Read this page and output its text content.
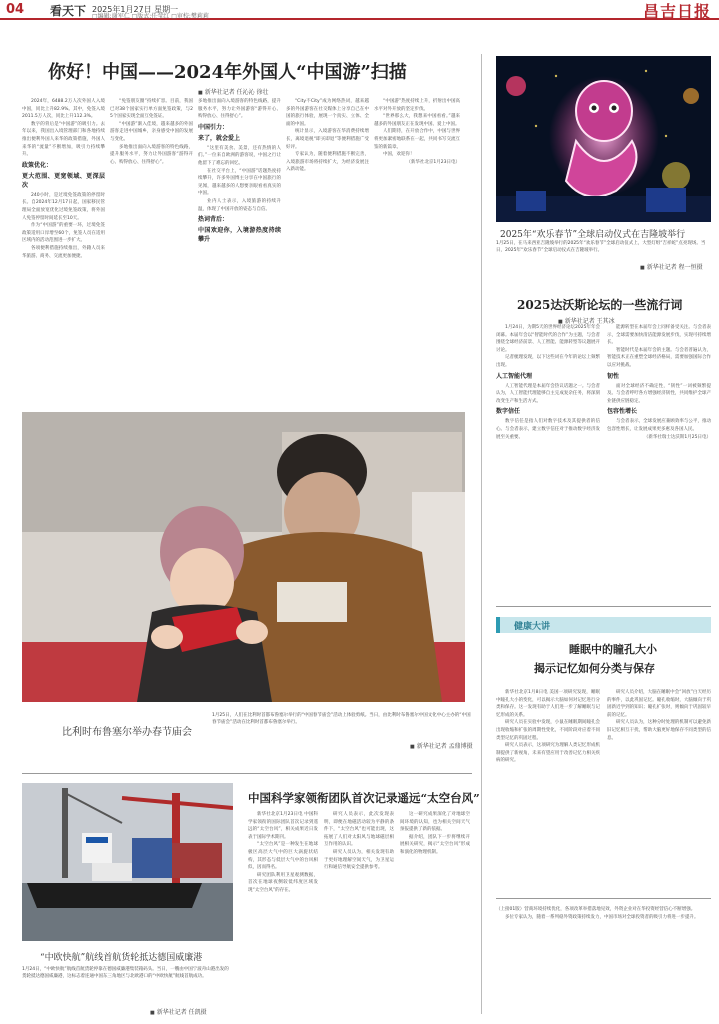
04 看天下 2025年1月27日 星期一
□编辑:谢军仁 □版式:任莹红 □审校:樊莉莉	昌吉日报
你好！中国——2024年外国人“中国游”扫描
■ 新华社记者 任沁沁 徐壮

2024年，6488.2万人次外国人入境中国，同比上升82.9%。其中，免签入境2011.5万人次，同比上升112.3%。

数字的背后是“中国游”的吸引力。去年以来，我国出入境管理部门和各地持续推出便利外国人来华的政策措施，外国人来华的“流量”不断增加，吸引力持续攀升。

政策优化：
更大范围、更宽领域、更深层次

240小时，是过境免签政策的停留时长。自2024年12月17日起，国家移民管理局全面放宽优化过境免签政策，将外国人免签停留时间延长至10天。

作为“中国游”的重要一环，过境免签政策适用口岸增至60个，免签人员在适用区域内的活动范围进一步扩大。

各项便利措施持续推出，外籍人员来华旅游、商务、交流更加便捷。

“免签朋友圈”持续扩容。目前，我国已对38个国家实行单方面免签政策，与25个国家实现全面互免签证。

“中国游”渐入佳境，越来越多的外国游客走进中国城乡，亲身感受中国的发展与变化。

多地推出面向入境游客的特色线路，提升服务水平，努力让外国游客“游得开心、购得放心、住得舒心”。

多地推出面向入境游客的特色线路，提升服务水平，努力让外国游客“游得开心、购得放心、住得舒心”。

中国引力：
来了，就会爱上

“这里有美食、美景，还有热情的人们。”一位来自欧洲的游客说，中国之行让他留下了难忘的回忆。

在社交平台上，“中国游”话题热度持续攀升，许多外国博主分享在中国旅行的见闻，越来越多的人想要亲眼看看真实的中国。

业内人士表示，入境旅游的持续升温，体现了中国开放的姿态与自信。

热词背后：
中国欢迎你，入境游热度持续攀升

“City不City”成为网络热词，越来越多的外国游客在社交媒体上分享自己在中国的旅行体验，展现一个真实、立体、全面的中国。

统计显示，入境游客在华消费持续增长，离境退税“即买即退”等便利措施广受好评。

专家认为，随着便利措施不断完善，入境旅游市场将持续扩大，为经济发展注入新动能。

“中国游”热度持续上升，折射出中国高水平对外开放的坚定步伐。

“世界那么大，我想来中国看看。”越来越多的外国朋友正在发现中国、爱上中国。

人们期待，在开放合作中，中国与世界将更加紧密地联系在一起，共同书写交流互鉴的新篇章。

中国，欢迎你！

（新华社北京1月23日电）

2025年“欢乐春节”全球启动仪式在吉隆坡举行
1月25日，在马来西亚吉隆坡举行的2025年“欢乐春节”全球启动仪式上，大型灯组“吉祥蛇”点亮现场。当日，2025年“欢乐春节”全球启动仪式在吉隆坡举行。
■ 新华社记者 程一恒摄
2025达沃斯论坛的一些流行词
■ 新华社记者 王其冰

1月24日，为期5天的世界经济论坛2025年年会闭幕。本届年会以“智能时代的合作”为主题，与会者围绕全球经济前景、人工智能、能源转型等议题展开讨论。

记者梳理发现，以下这些词在今年的论坛上频繁出现。

人工智能代理

人工智能代理是本届年会热议话题之一。与会者认为，人工智能代理能够自主完成复杂任务，将深刻改变生产和生活方式。

数字信任

数字信任是指人们对数字技术及其提供者的信心。与会者表示，建立数字信任对于推动数字经济发展至关重要。

能源转型在本届年会上同样备受关注。与会者表示，全球需要加快清洁能源发展步伐，实现可持续增长。

智能时代是本届年会的主题。与会者普遍认为，智能技术正在重塑全球经济格局，需要加强国际合作以应对挑战。

韧性

面对全球经济不确定性，“韧性”一词被频繁提及。与会者呼吁各方增强经济韧性，共同维护全球产业链供应链稳定。

包容性增长

与会者表示，全球发展应兼顾效率与公平，推动包容性增长，让发展成果更多惠及各国人民。

（新华社瑞士达沃斯1月25日电）

比利时布鲁塞尔举办春节庙会
1月25日，人们在比利时首都布鲁塞尔举行的“中国春节庙会”活动上体验剪纸。当日，由比利时布鲁塞尔中国文化中心主办的“中国春节庙会”活动在比利时首都布鲁塞尔举行。
■ 新华社记者 孟鼎博摄
健康大讲
睡眠中的瞳孔大小
揭示记忆如何分类与保存

新华社北京1月8日电 美国一项研究发现，睡眠中瞳孔大小的变化，可以揭示大脑如何对记忆进行分类和保存。这一发现有助于人们进一步了解睡眠与记忆形成的关系。

研究人员在实验中发现，小鼠在睡眠期间瞳孔会出现收缩和扩张的周期性变化，不同阶段对应着不同类型记忆的巩固过程。

研究人员表示，这项研究为理解人类记忆形成机制提供了新视角，未来有望应用于改善记忆力相关疾病的研究。

研究人员介绍，大脑在睡眠中会“回放”白天经历的事件，以此巩固记忆。瞳孔收缩时，大脑倾向于巩固新近学到的知识；瞳孔扩张时，则倾向于巩固较早前的记忆。

研究人员认为，这种分时处理的机制可以避免新旧记忆相互干扰，帮助大脑更好地保存不同类型的信息。

“中欧快航”航线首航货轮抵达德国威廉港
1月24日，“中欧快航”航线首航货轮停靠在德国威廉港集装箱码头。当日，一艘由中国宁波舟山港出发的货轮抵达德国威廉港，这标志着连通中国东三角地区与北欧港口的“中欧快航”航线首航成功。
■ 新华社记者 任凯摄
中国科学家领衔团队首次记录遥远“太空台风”

新华社北京1月23日电 中国科学家领衔的国际团队首次记录到遥远的“太空台风”，相关成果近日发表于国际学术期刊。

“太空台风”是一种发生在地球极区高层大气中的巨大涡旋状结构，其形态与低层大气中的台风相似，因而得名。

研究团队利用卫星观测数据，首次在地球夜侧较低纬度区域发现“太空台风”的存在。

研究人员表示，此次发现表明，即便在地磁活动较为平静的条件下，“太空台风”也可能出现，这拓展了人们对太阳风与地球磁层相互作用的认识。

研究人员认为，相关发现有助于更好地理解空间天气，为卫星运行和通信导航安全提供参考。

这一研究成果深化了对地球空间环境的认知，也为相关空间天气预报提供了新的依据。

据介绍，团队下一步将继续开展相关研究，揭示“太空台风”形成和演化的物理机制。

（上接01版）营商环境持续优化，各项改革举措落地见效，外资企业对在华投资经营信心不断增强。

多位专家认为，随着一系列稳外资政策持续发力，中国市场对全球投资者的吸引力将进一步提升。
